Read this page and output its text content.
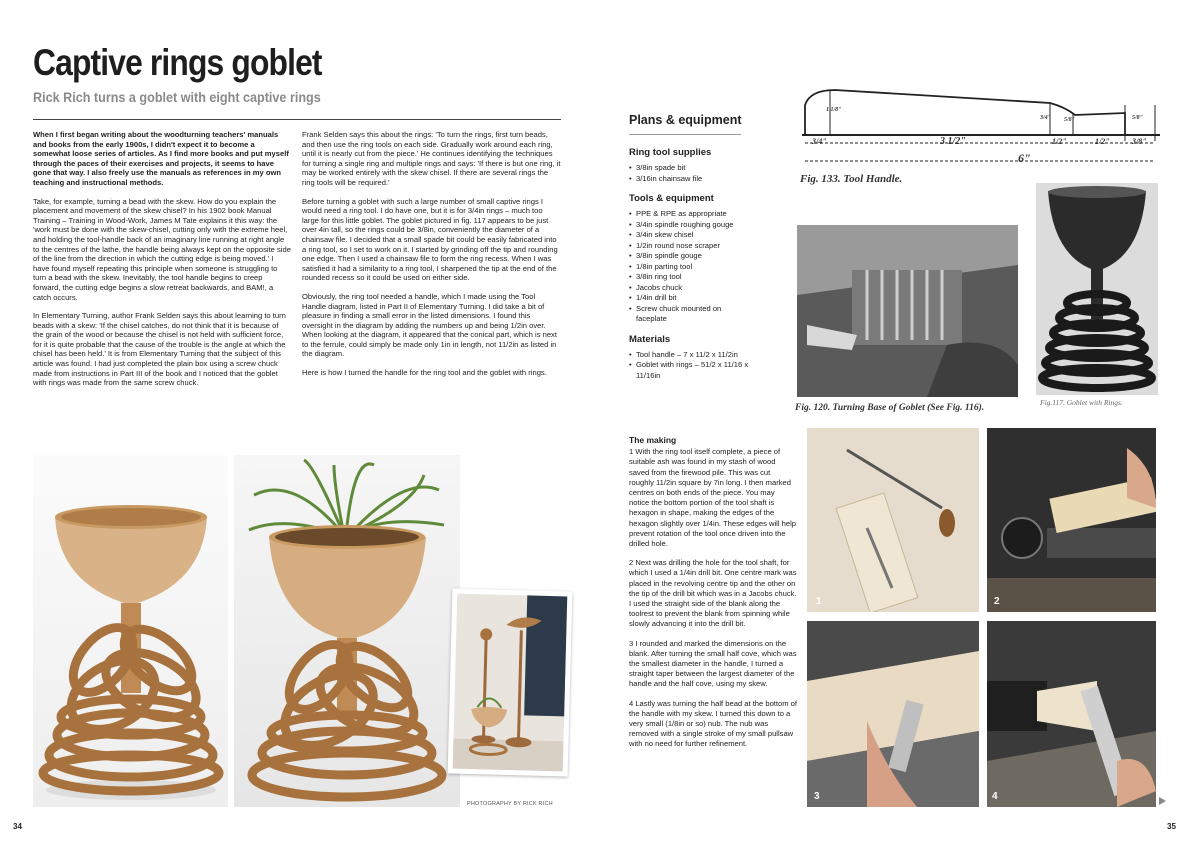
Captive rings goblet
Rick Rich turns a goblet with eight captive rings

When I first began writing about the woodturning teachers' manuals and books from the early 1900s, I didn't expect it to become a somewhat loose series of articles. As I find more books and put myself through the paces of their exercises and projects, it seems to have gone that way. I also freely use the manuals as references in my own teaching and instructional methods.

Take, for example, turning a bead with the skew. How do you explain the placement and movement of the skew chisel? In his 1902 book Manual Training – Training in Wood-Work, James M Tate explains it this way: the 'work must be done with the skew-chisel, cutting only with the extreme heel, and holding the tool-handle back of an imaginary line running at right angle to the centres of the lathe, the handle being always kept on the opposite side of the line from the direction in which the cutting edge is being moved.' I have found myself repeating this principle when someone is struggling to turn a bead with the skew. Inevitably, the tool handle begins to creep forward, the cutting edge begins a slow retreat backwards, and BAM!, a catch occurs.

In Elementary Turning, author Frank Selden says this about learning to turn beads with a skew: 'If the chisel catches, do not think that it is because of the grain of the wood or because the chisel is not held with sufficient force, for it is quite probable that the cause of the trouble is the angle at which the chisel has been held.' It is from Elementary Turning that the subject of this article was found. I had just completed the plain box using a screw chuck made from instructions in Part III of the book and I noticed that the goblet with rings was made from the same screw chuck.

Frank Selden says this about the rings: 'To turn the rings, first turn beads, and then use the ring tools on each side. Gradually work around each ring, until it is nearly cut from the piece.' He continues identifying the techniques for turning a single ring and multiple rings and says: 'If there is but one ring, it may be worked entirely with the skew chisel. If there are several rings the ring tools will be required.'

Before turning a goblet with such a large number of small captive rings I would need a ring tool. I do have one, but it is for 3/4in rings – much too large for this little goblet. The goblet pictured in fig. 117 appears to be just over 4in tall, so the rings could be 3/8in, conveniently the diameter of a chainsaw file. I decided that a small spade bit could be easily fabricated into a ring tool, so I set to work on it. I started by grinding off the tip and rounding one edge. Then I used a chainsaw file to form the ring recess. When I was satisfied it had a similarity to a ring tool, I sharpened the tip at the end of the rounded recess so it could be used on either side.

Obviously, the ring tool needed a handle, which I made using the Tool Handle diagram, listed in Part II of Elementary Turning. I did take a bit of pleasure in finding a small error in the listed dimensions. I found this oversight in the diagram by adding the numbers up and being 1/2in over. When looking at the diagram, it appeared that the conical part, which is next to the ferrule, could simply be made only 1in in length, not 11/2in as listed in the diagram.

Here is how I turned the handle for the ring tool and the goblet with rings.

PHOTOGRAPHY BY RICK RICH
34
Plans & equipment
Ring tool supplies
• 3/8in spade bit
• 3/16in chainsaw file
Tools & equipment
• PPE & RPE as appropriate
• 3/4in spindle roughing gouge
• 3/4in skew chisel
• 1/2in round nose scraper
• 3/8in spindle gouge
• 1/8in parting tool
• 3/8in ring tool
• Jacobs chuck
• 1/4in drill bit
• Screw chuck mounted on faceplate
Materials
• Tool handle – 7 x 11/2 x 11/2in
• Goblet with rings – 51/2 x 11/16 x 11/16in
3/4"	3 1/2"	1/2"	1/2"	3/8"
6"
1 1/8"
3/4" 5/8"	5/8"
Fig. 133. Tool Handle.
Fig. 120. Turning Base of Goblet (See Fig. 116).
Fig.117. Goblet with Rings.
The making

1 With the ring tool itself complete, a piece of suitable ash was found in my stash of wood saved from the firewood pile. This was cut roughly 11/2in square by 7in long. I then marked centres on both ends of the piece. You may notice the bottom portion of the tool shaft is hexagon in shape, making the edges of the hexagon slightly over 1/4in. These edges will help prevent rotation of the tool once driven into the drilled hole.

2 Next was drilling the hole for the tool shaft, for which I used a 1/4in drill bit. One centre mark was placed in the revolving centre tip and the other on the tip of the drill bit which was in a Jacobs chuck. I used the straight side of the blank along the toolrest to prevent the blank from spinning while slowly advancing it into the drill bit.

3 I rounded and marked the dimensions on the blank. After turning the small half cove, which was the smallest diameter in the handle, I turned a straight taper between the largest diameter of the handle and the half cove, using my skew.

4 Lastly was turning the half bead at the bottom of the handle with my skew. I turned this down to a very small (1/8in or so) nub. The nub was removed with a single stroke of my small pullsaw with no need for further refinement.

1	2
3	4
35
